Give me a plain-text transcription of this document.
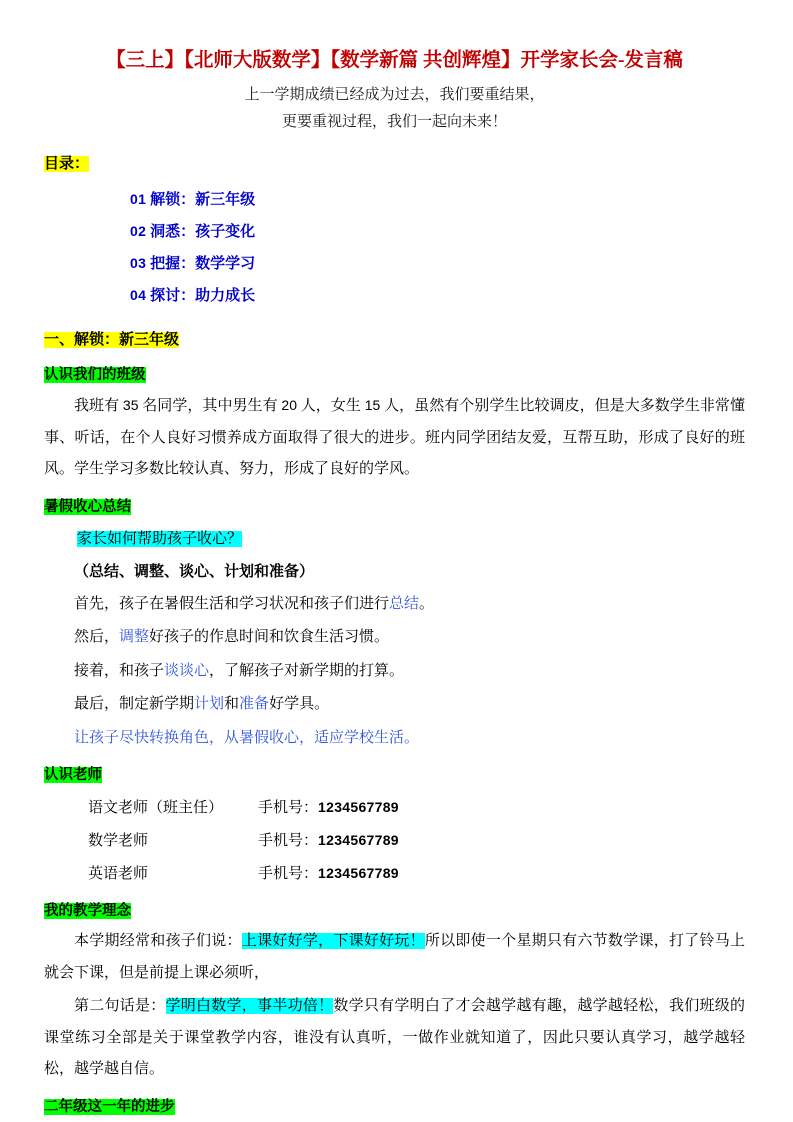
【三上】【北师大版数学】【数学新篇 共创辉煌】开学家长会-发言稿

上一学期成绩已经成为过去，我们要重结果，

更要重视过程，我们一起向未来！

目录：

01 解锁：新三年级
02 洞悉：孩子变化
03 把握：数学学习
04 探讨：助力成长

一、解锁：新三年级

认识我们的班级

我班有 35 名同学，其中男生有 20 人，女生 15 人，虽然有个别学生比较调皮，但是大多数学生非常懂事、听话，在个人良好习惯养成方面取得了很大的进步。班内同学团结友爱，互帮互助，形成了良好的班风。学生学习多数比较认真、努力，形成了良好的学风。

暑假收心总结

家长如何帮助孩子收心？

（总结、调整、谈心、计划和准备）

首先，孩子在暑假生活和学习状况和孩子们进行总结。

然后，调整好孩子的作息时间和饮食生活习惯。

接着，和孩子谈谈心，了解孩子对新学期的打算。

最后，制定新学期计划和准备好学具。

让孩子尽快转换角色，从暑假收心，适应学校生活。

认识老师

语文老师（班主任） 手机号：1234567789
数学老师	手机号：1234567789
英语老师	手机号：1234567789

我的教学理念

本学期经常和孩子们说：上课好好学，下课好好玩！所以即使一个星期只有六节数学课，打了铃马上就会下课，但是前提上课必须听，

第二句话是：学明白数学，事半功倍！数学只有学明白了才会越学越有趣，越学越轻松，我们班级的课堂练习全部是关于课堂教学内容，谁没有认真听，一做作业就知道了，因此只要认真学习，越学越轻松，越学越自信。

二年级这一年的进步
